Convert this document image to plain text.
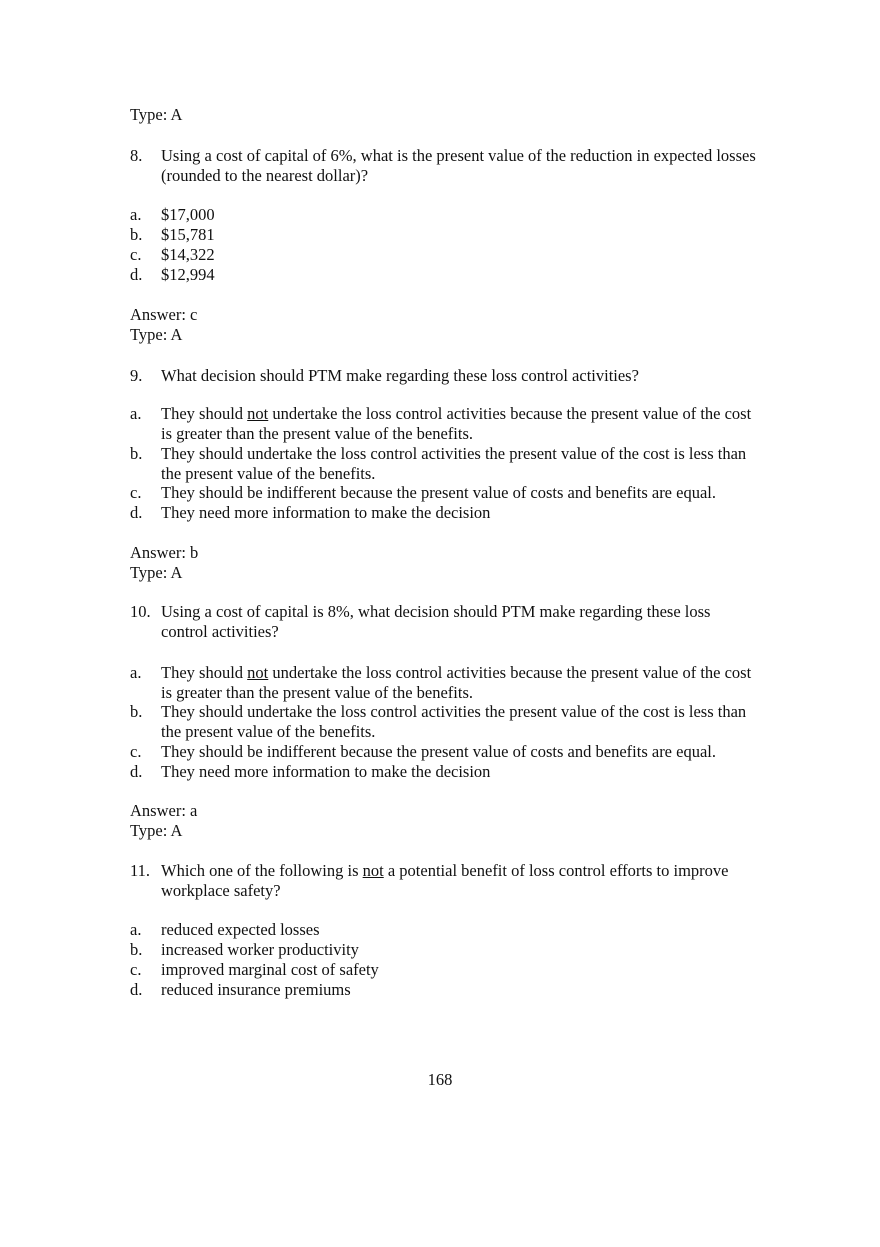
Type: A
8. Using a cost of capital of 6%, what is the present value of the reduction in expected losses (rounded to the nearest dollar)?
a. $17,000
b. $15,781
c. $14,322
d. $12,994
Answer: c
Type: A
9. What decision should PTM make regarding these loss control activities?
a. They should not undertake the loss control activities because the present value of the cost is greater than the present value of the benefits.
b. They should undertake the loss control activities the present value of the cost is less than the present value of the benefits.
c. They should be indifferent because the present value of costs and benefits are equal.
d. They need more information to make the decision
Answer: b
Type: A
10. Using a cost of capital is 8%, what decision should PTM make regarding these loss control activities?
a. They should not undertake the loss control activities because the present value of the cost is greater than the present value of the benefits.
b. They should undertake the loss control activities the present value of the cost is less than the present value of the benefits.
c. They should be indifferent because the present value of costs and benefits are equal.
d. They need more information to make the decision
Answer: a
Type: A
11. Which one of the following is not a potential benefit of loss control efforts to improve workplace safety?
a. reduced expected losses
b. increased worker productivity
c. improved marginal cost of safety
d. reduced insurance premiums
168
